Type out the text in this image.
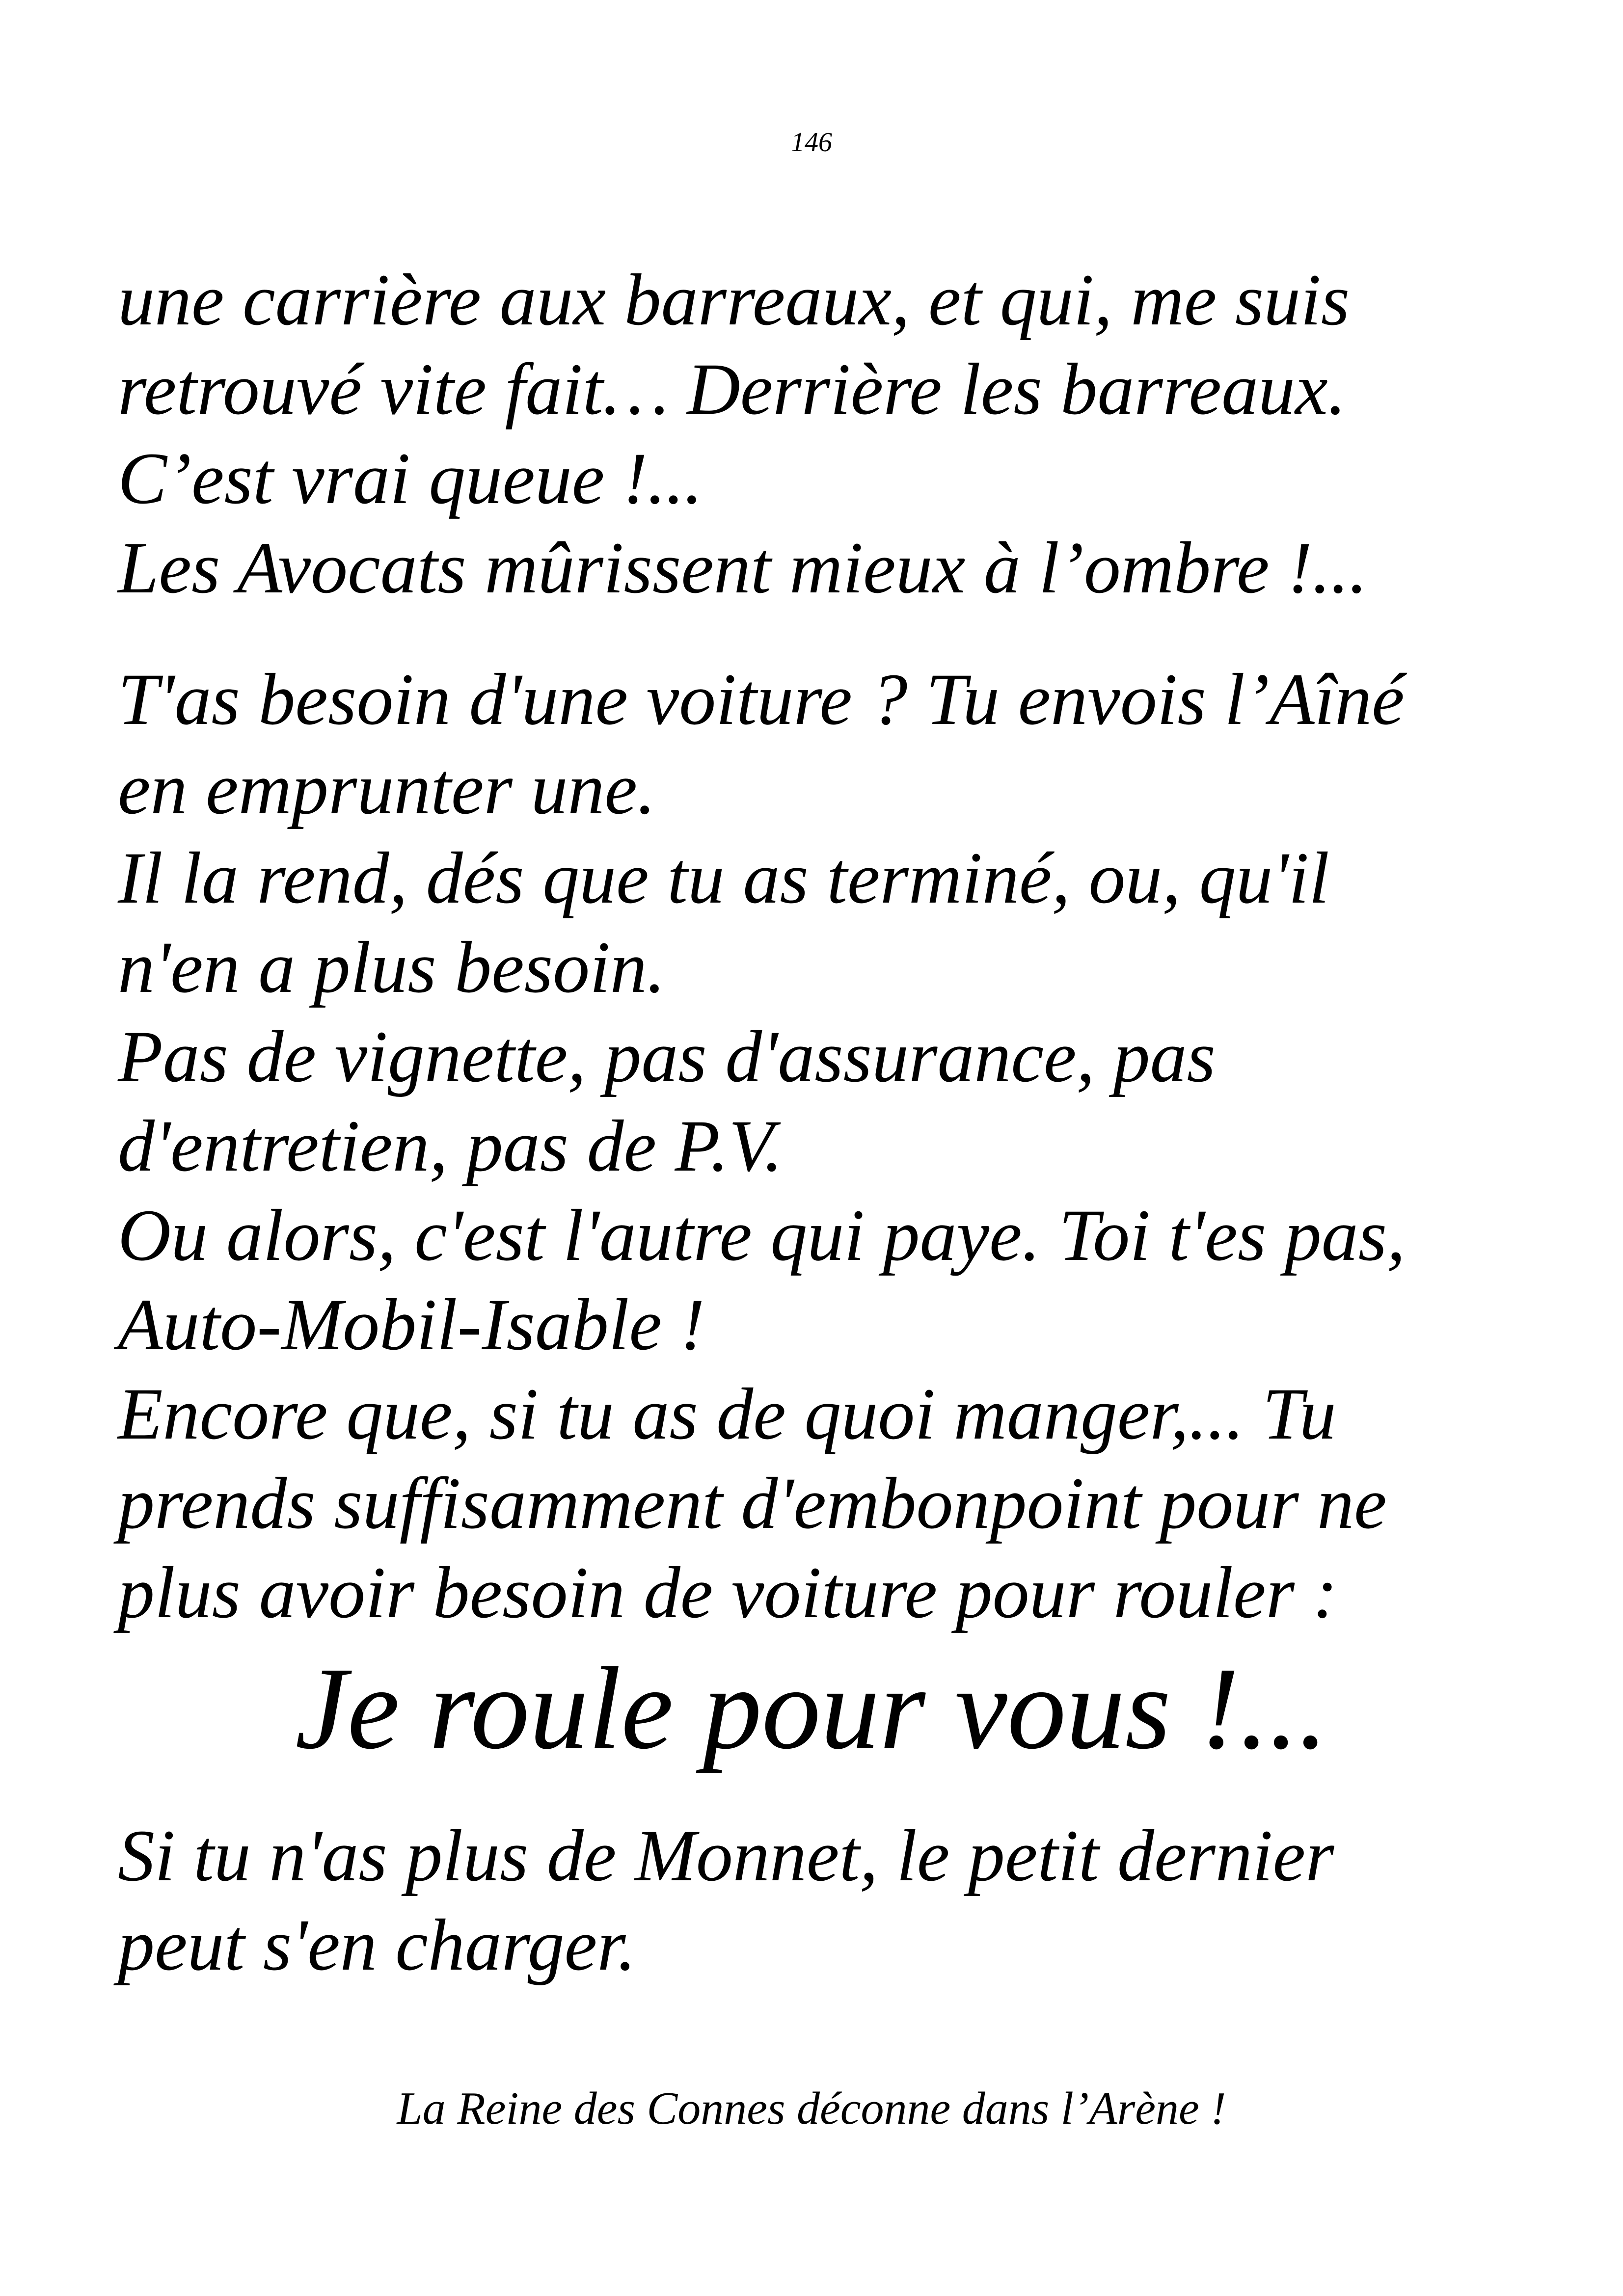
146
une carrière aux barreaux, et qui, me suis
retrouvé vite fait… Derrière les barreaux.
C’est vrai queue !...
Les Avocats mûrissent mieux à l’ombre !...
T'as besoin d'une voiture ? Tu envois l’Aîné
en emprunter une.
Il la rend, dés que tu as terminé, ou, qu'il
n'en a plus besoin.
Pas de vignette, pas d'assurance, pas
d'entretien, pas de P.V.
Ou alors, c'est l'autre qui paye. Toi t'es pas,
Auto-Mobil-Isable !
Encore que, si tu as de quoi manger,... Tu
prends suffisamment d'embonpoint pour ne
plus avoir besoin de voiture pour rouler :
Je roule pour vous !...
Si tu n'as plus de Monnet, le petit dernier
peut s'en charger.
La Reine des Connes déconne dans l’Arène !
